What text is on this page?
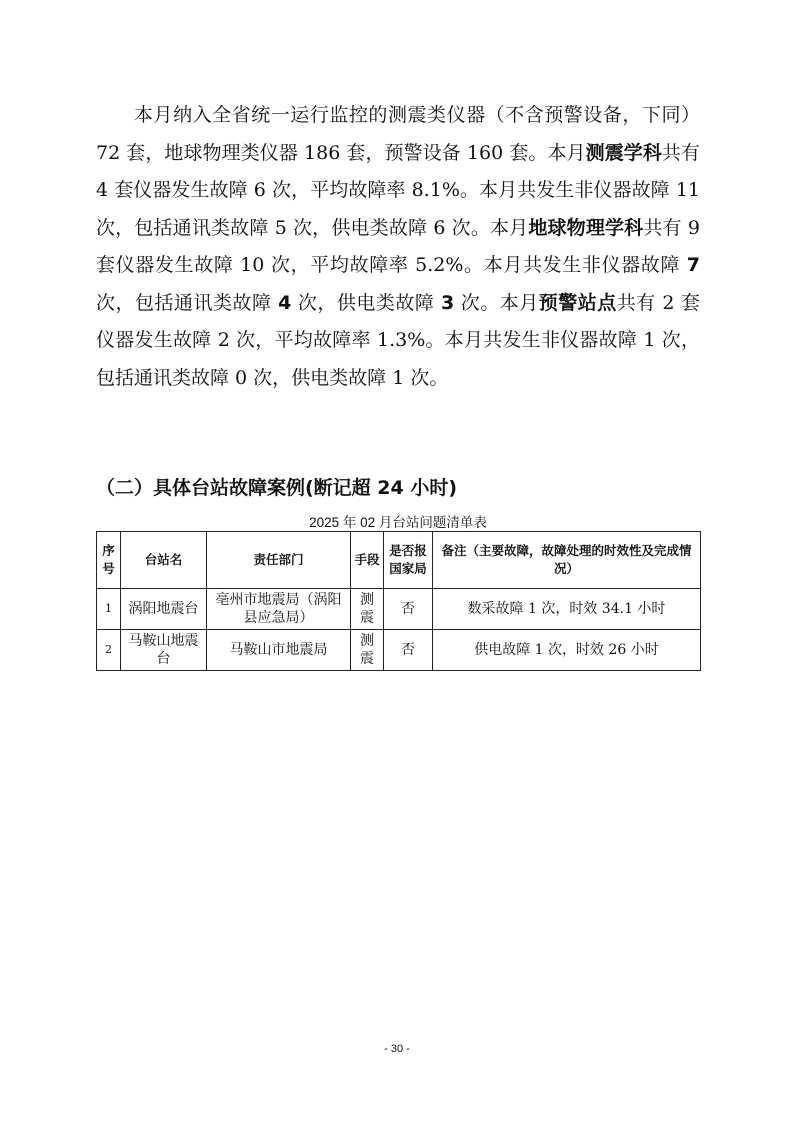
本月纳入全省统一运行监控的测震类仪器（不含预警设备，下同）72 套，地球物理类仪器 186 套，预警设备 160 套。本月测震学科共有 4 套仪器发生故障 6 次，平均故障率 8.1%。本月共发生非仪器故障 11 次，包括通讯类故障 5 次，供电类故障 6 次。本月地球物理学科共有 9 套仪器发生故障 10 次，平均故障率 5.2%。本月共发生非仪器故障 7 次，包括通讯类故障 4 次，供电类故障 3 次。本月预警站点共有 2 套仪器发生故障 2 次，平均故障率 1.3%。本月共发生非仪器故障 1 次，包括通讯类故障 0 次，供电类故障 1 次。

（二）具体台站故障案例(断记超 24 小时)
2025 年 02 月台站问题清单表
序号	台站名	责任部门	手段	是否报国家局	备注（主要故障，故障处理的时效性及完成情况）
1	涡阳地震台	亳州市地震局（涡阳县应急局）	测震	否	数采故障 1 次，时效 34.1 小时
2	马鞍山地震台	马鞍山市地震局	测震	否	供电故障 1 次，时效 26 小时
- 30 -
